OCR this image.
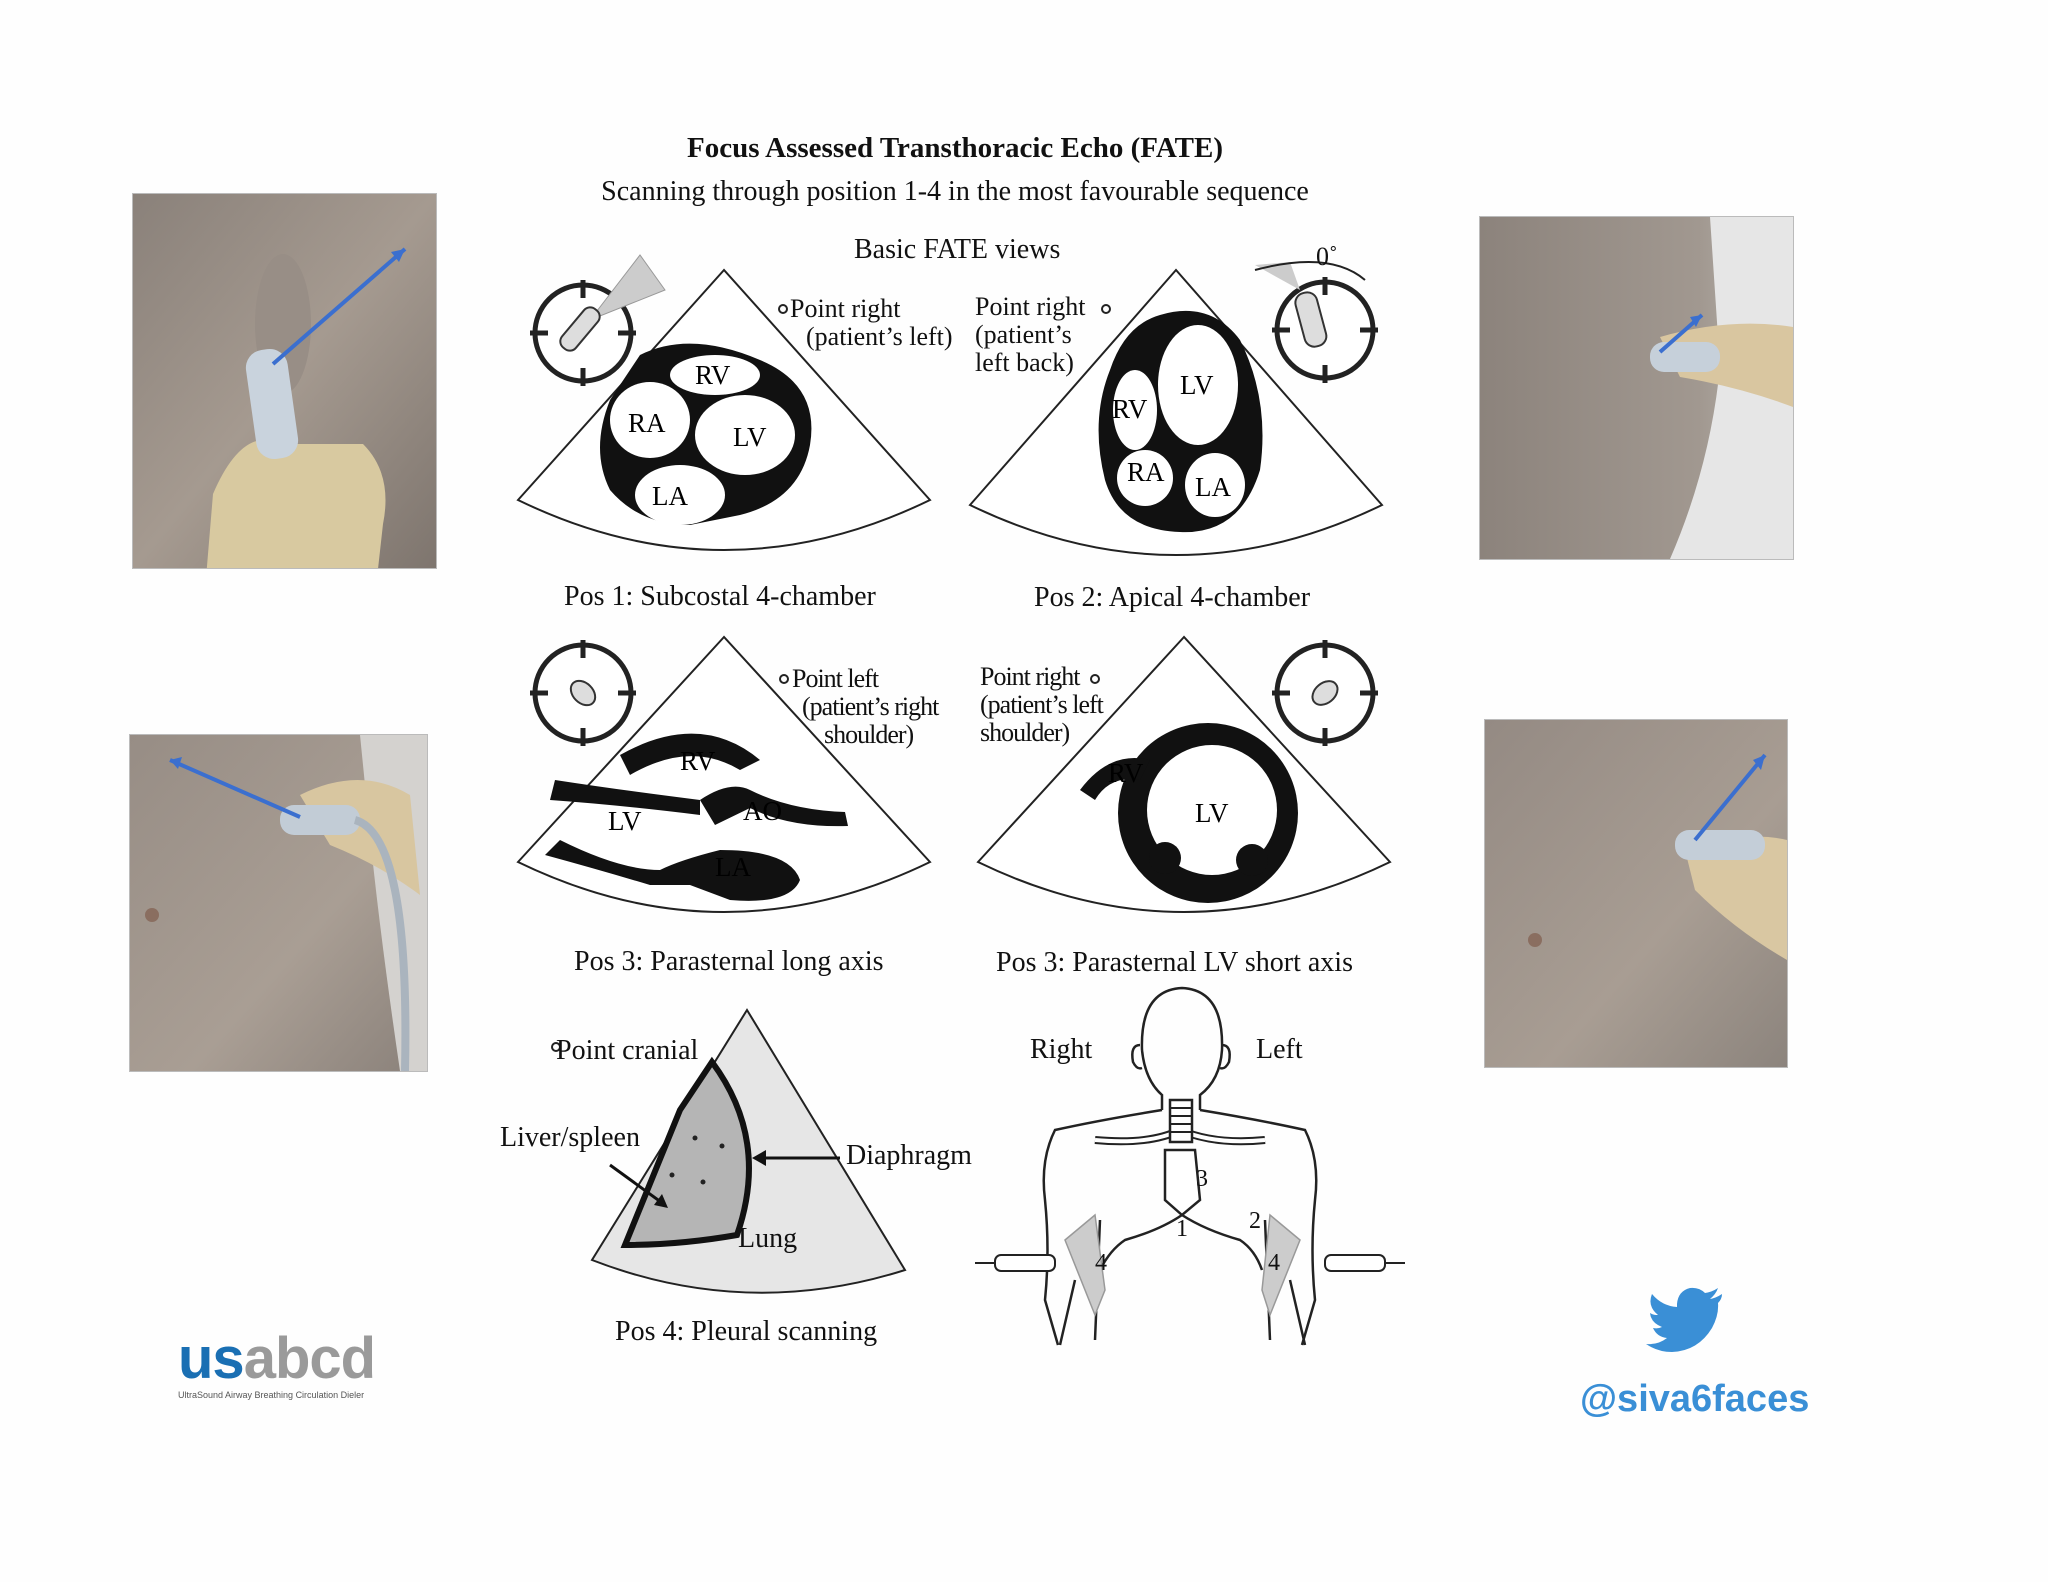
Focus Assessed Transthoracic Echo (FATE)
Scanning through position 1-4 in the most favourable sequence
Basic FATE views
RV
RA LV
LA
LV
RV
RA LA
RV
AO
LV
LA
RV
LV
1	2
3
4	4
Point right
(patient’s left)
Pos 1: Subcostal 4-chamber
Point right
(patient’s
left back)
0˚
Pos 2: Apical 4-chamber
Point left
(patient’s right
shoulder)
Pos 3: Parasternal long axis
Point right
(patient’s left
shoulder)
Pos 3: Parasternal LV short axis
Point cranial
Liver/spleen
Diaphragm
Lung
Pos 4: Pleural scanning
Right	Left
usabcd
UltraSound Airway Breathing Circulation Dieler	@siva6faces
